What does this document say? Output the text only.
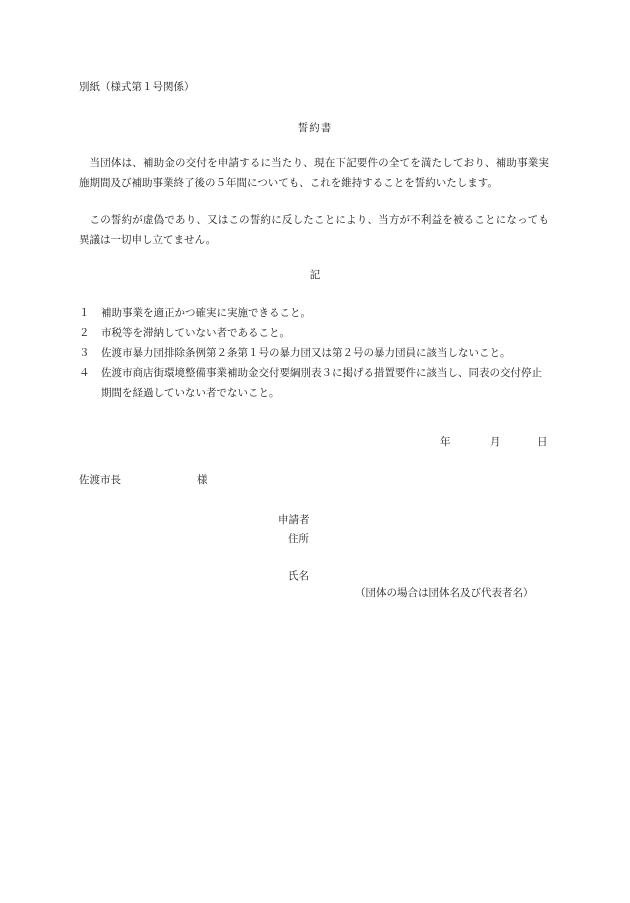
別紙（様式第１号関係）
誓約書

当団体は、補助金の交付を申請するに当たり、現在下記要件の全てを満たしており、補助事業実施期間及び補助事業終了後の５年間についても、これを維持することを誓約いたします。

この誓約が虚偽であり、又はこの誓約に反したことにより、当方が不利益を被ることになっても異議は一切申し立てません。

記
１	補助事業を適正かつ確実に実施できること。
２	市税等を滞納していない者であること。
３	佐渡市暴力団排除条例第２条第１号の暴力団又は第２号の暴力団員に該当しないこと。
４	佐渡市商店街環境整備事業補助金交付要綱別表３に掲げる措置要件に該当し、同表の交付停止期間を経過していない者でないこと。
年	月	日
佐渡市長	様
申請者
住所
氏名
（団体の場合は団体名及び代表者名）
